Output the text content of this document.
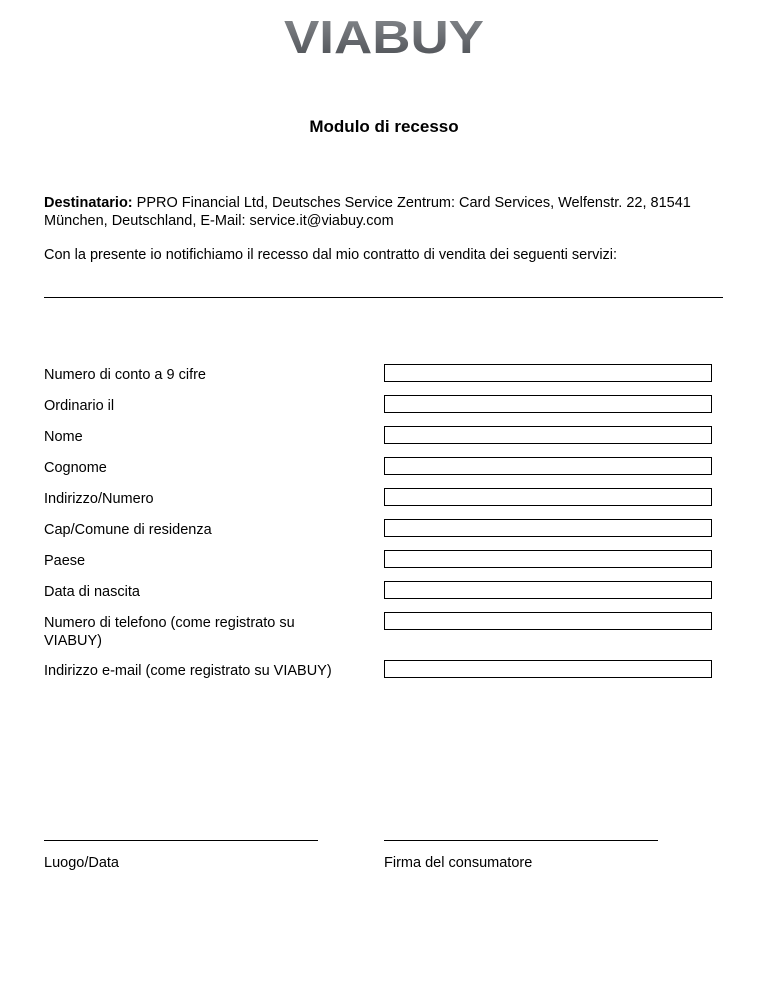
VIABUY
Modulo di recesso
Destinatario: PPRO Financial Ltd, Deutsches Service Zentrum: Card Services, Welfenstr. 22, 81541 München, Deutschland, E-Mail: service.it@viabuy.com
Con la presente io notifichiamo il recesso dal mio contratto di vendita dei seguenti servizi:
Numero di conto a 9 cifre
Ordinario il
Nome
Cognome
Indirizzo/Numero
Cap/Comune di residenza
Paese
Data di nascita
Numero di telefono (come registrato su VIABUY)
Indirizzo e-mail (come registrato su VIABUY)
Luogo/Data	Firma del consumatore
